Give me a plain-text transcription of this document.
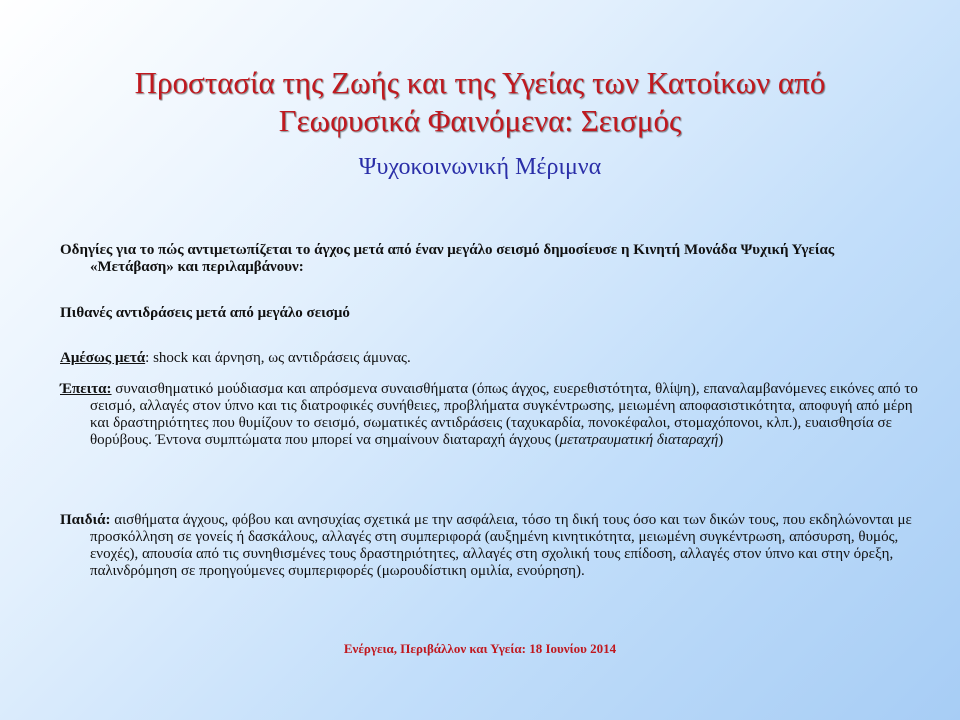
Προστασία της Ζωής και της Υγείας των Κατοίκων από
Γεωφυσικά Φαινόμενα: Σεισμός
Ψυχοκοινωνική Μέριμνα

Οδηγίες για το πώς αντιμετωπίζεται το άγχος μετά από έναν μεγάλο σεισμό δημοσίευσε η Κινητή Μονάδα Ψυχική Υγείας «Μετάβαση» και περιλαμβάνουν:

Πιθανές αντιδράσεις μετά από μεγάλο σεισμό

Αμέσως μετά: shock και άρνηση, ως αντιδράσεις άμυνας.

Έπειτα: συναισθηματικό μούδιασμα και απρόσμενα συναισθήματα (όπως άγχος, ευερεθιστότητα, θλίψη), επαναλαμβανόμενες εικόνες από το σεισμό, αλλαγές στον ύπνο και τις διατροφικές συνήθειες, προβλήματα συγκέντρωσης, μειωμένη αποφασιστικότητα, αποφυγή από μέρη και δραστηριότητες που θυμίζουν το σεισμό, σωματικές αντιδράσεις (ταχυκαρδία, πονοκέφαλοι, στομαχόπονοι, κλπ.), ευαισθησία σε θορύβους. Έντονα συμπτώματα που μπορεί να σημαίνουν διαταραχή άγχους (μετατραυματική διαταραχή)

Παιδιά: αισθήματα άγχους, φόβου και ανησυχίας σχετικά με την ασφάλεια, τόσο τη δική τους όσο και των δικών τους, που εκδηλώνονται με προσκόλληση σε γονείς ή δασκάλους, αλλαγές στη συμπεριφορά (αυξημένη κινητικότητα, μειωμένη συγκέντρωση, απόσυρση, θυμός, ενοχές), απουσία από τις συνηθισμένες τους δραστηριότητες, αλλαγές στη σχολική τους επίδοση, αλλαγές στον ύπνο και στην όρεξη, παλινδρόμηση σε προηγούμενες συμπεριφορές (μωρουδίστικη ομιλία, ενούρηση).

Ενέργεια, Περιβάλλον και Υγεία: 18 Ιουνίου 2014
